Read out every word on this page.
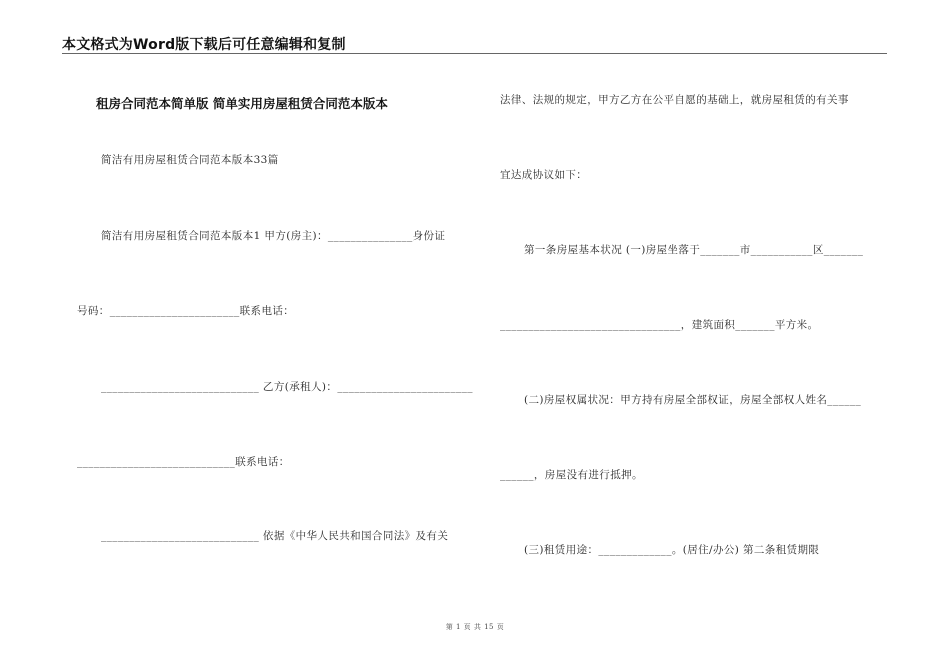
本文格式为Word版下载后可任意编辑和复制
租房合同范本简单版 简单实用房屋租赁合同范本版本
简洁有用房屋租赁合同范本版本33篇
简洁有用房屋租赁合同范本版本1 甲方(房主)：_______________身份证
号码：_______________________联系电话：
____________________________ 乙方(承租人)：________________________
____________________________联系电话：
____________________________ 依据《中华人民共和国合同法》及有关
法律、法规的规定，甲方乙方在公平自愿的基础上，就房屋租赁的有关事
宜达成协议如下：
第一条房屋基本状况 (一)房屋坐落于_______市___________区_______
________________________________，建筑面积_______平方米。
(二)房屋权属状况：甲方持有房屋全部权证，房屋全部权人姓名______
______，房屋没有进行抵押。
(三)租赁用途：_____________。(居住/办公) 第二条租赁期限
第 1 页 共 15 页
